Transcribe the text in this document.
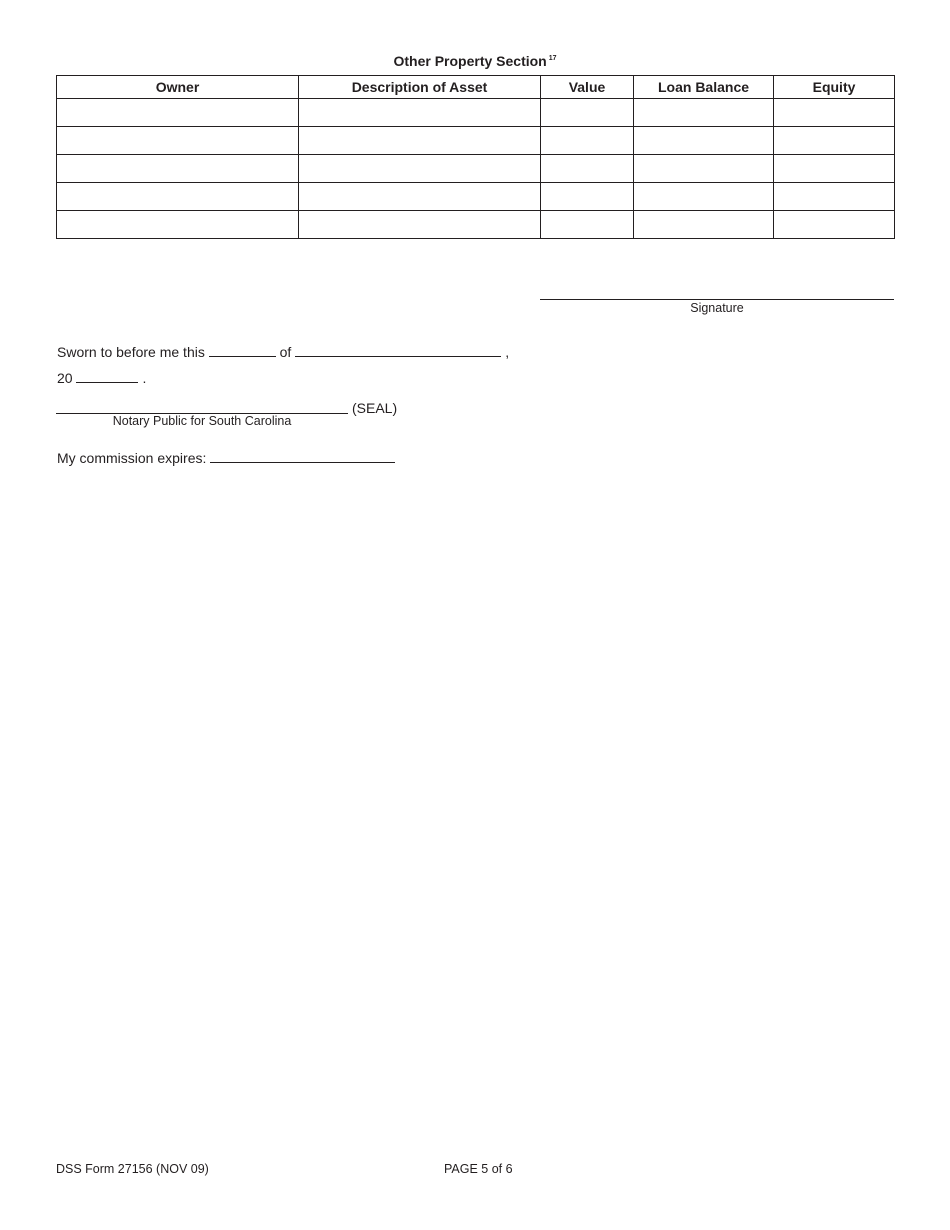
Other Property Section $^{17}$
Owner	Description of Asset	Value	Loan Balance	Equity

Signature
Sworn to before me this	of	,
20	.
(SEAL)
Notary Public for South Carolina
My commission expires:
DSS Form 27156 (NOV 09)	PAGE 5 of 6
